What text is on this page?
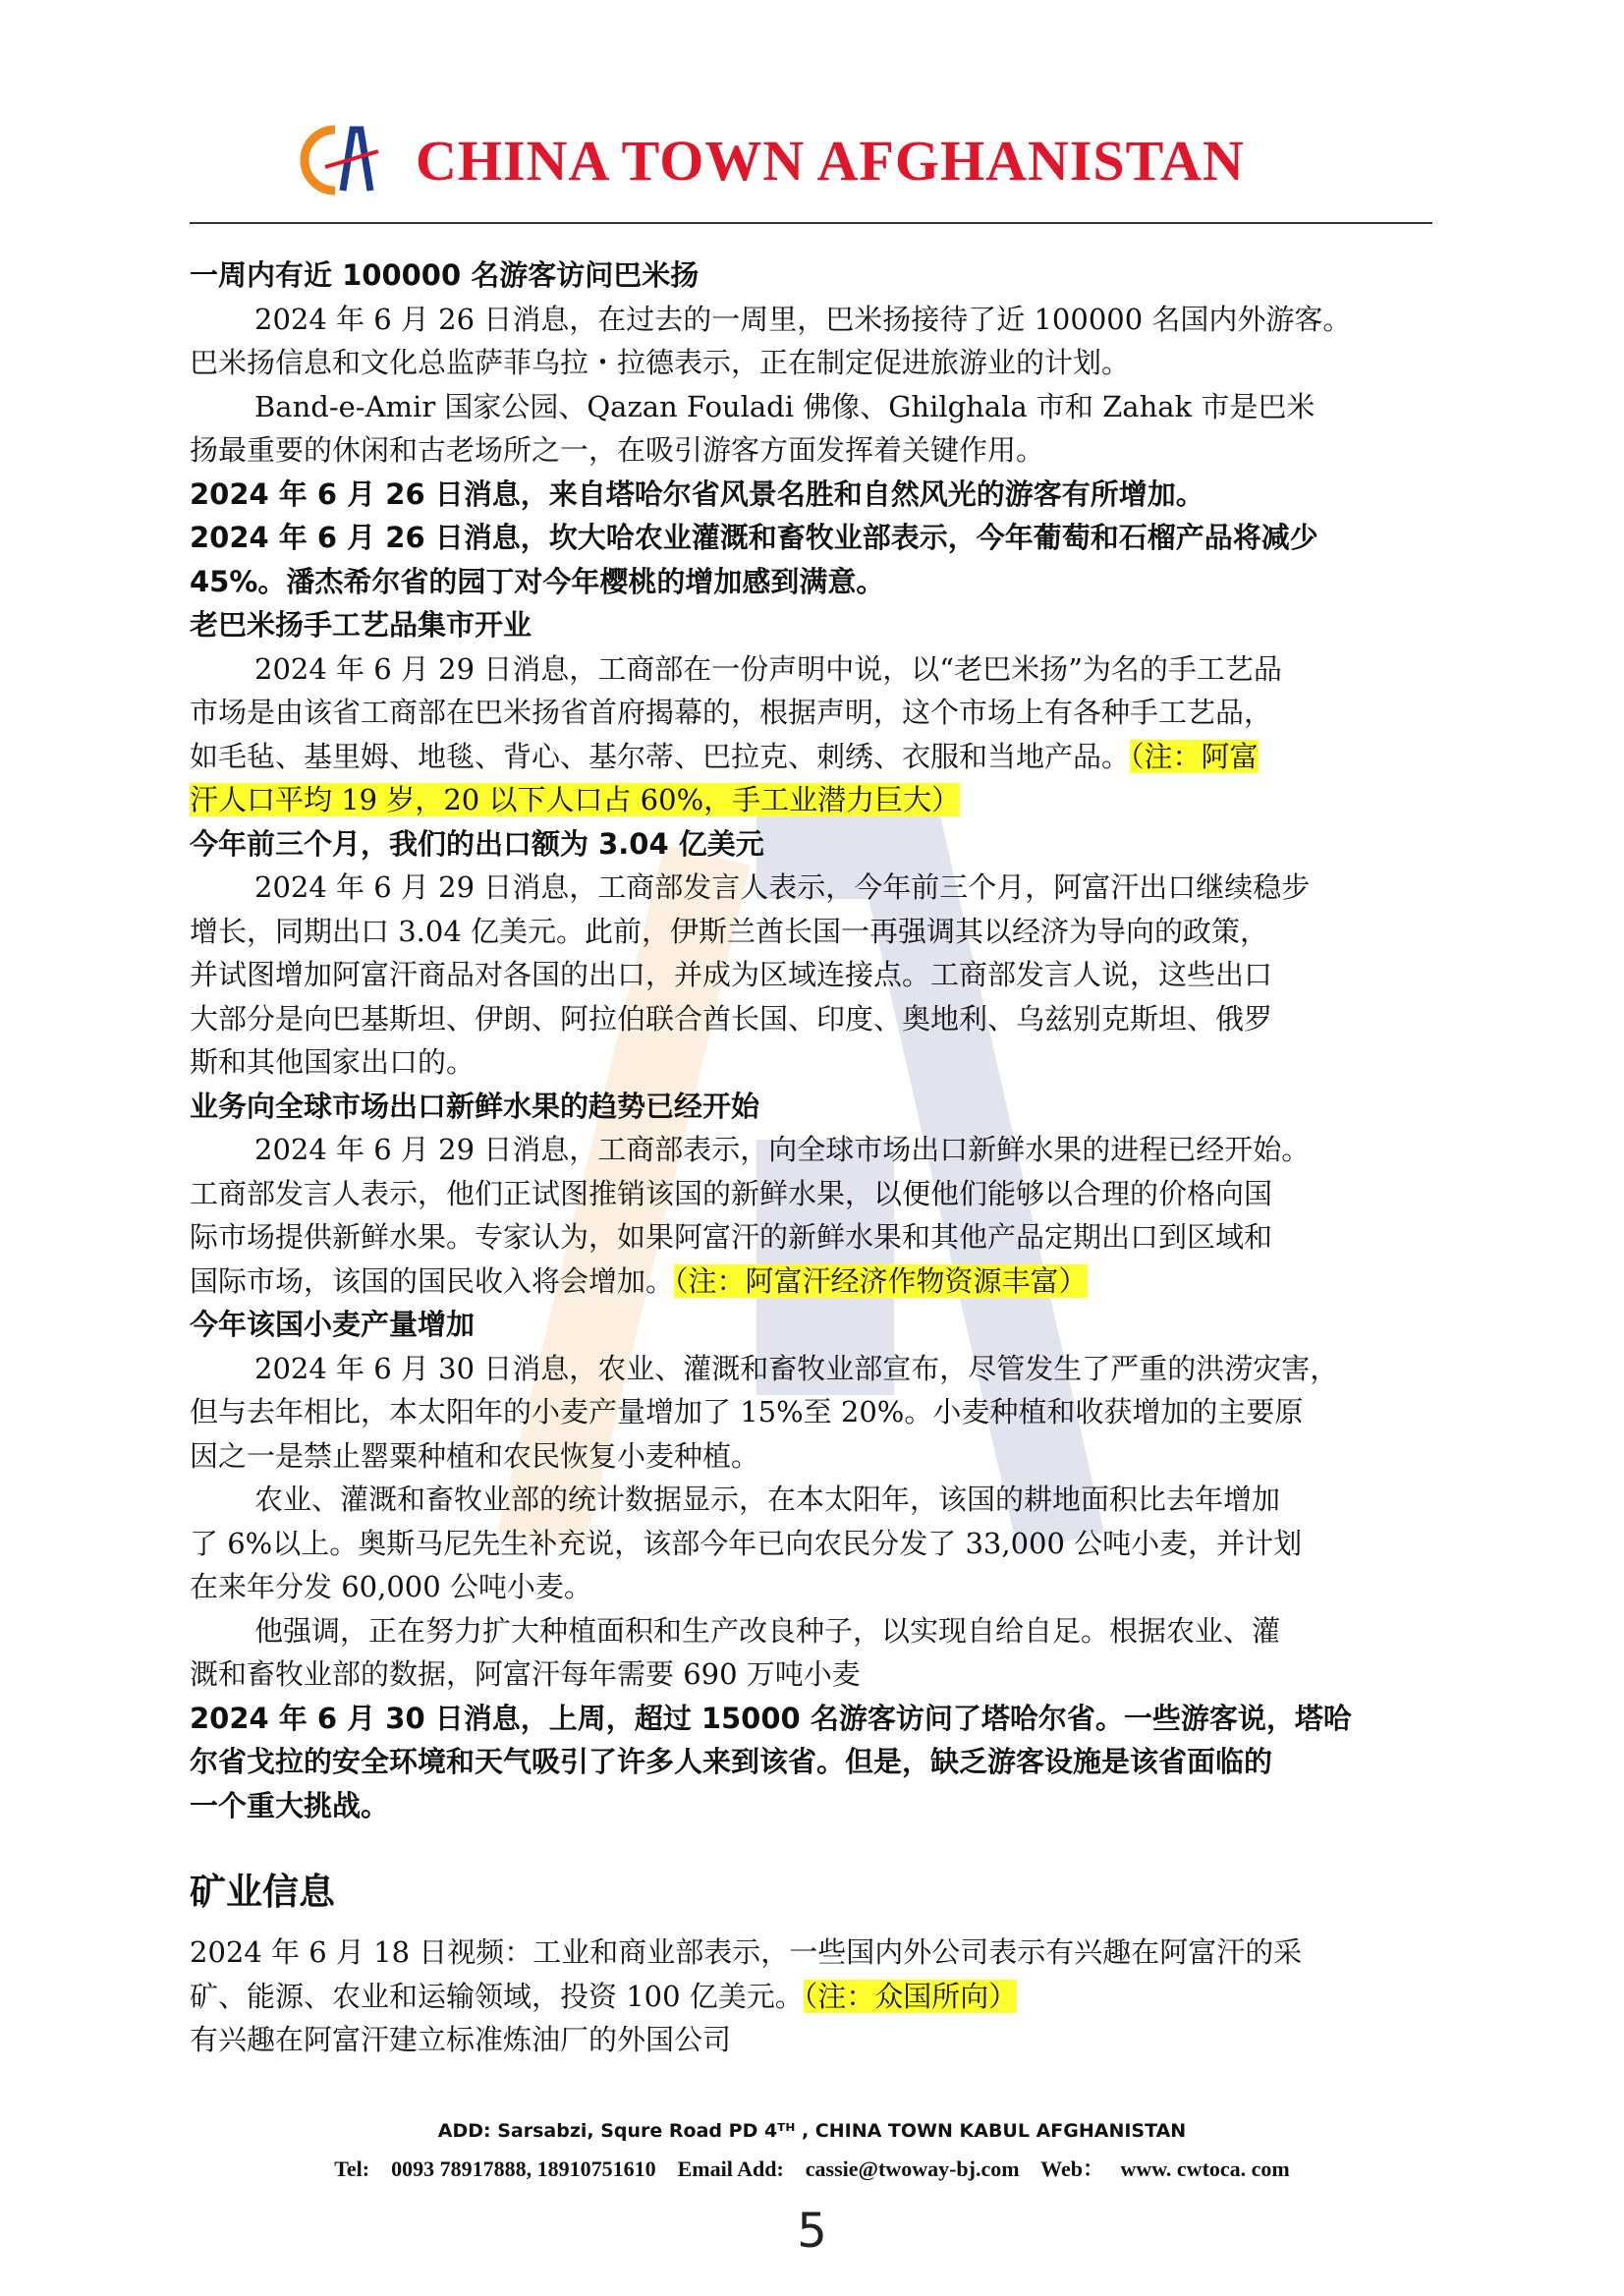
CHINA TOWN AFGHANISTAN
一周内有近 100000 名游客访问巴米扬
2024 年 6 月 26 日消息，在过去的一周里，巴米扬接待了近 100000 名国内外游客。
巴米扬信息和文化总监萨菲乌拉・拉德表示，正在制定促进旅游业的计划。
Band-e-Amir 国家公园、Qazan Fouladi 佛像、Ghilghala 市和 Zahak 市是巴米
扬最重要的休闲和古老场所之一，在吸引游客方面发挥着关键作用。
2024 年 6 月 26 日消息，来自塔哈尔省风景名胜和自然风光的游客有所增加。
2024 年 6 月 26 日消息，坎大哈农业灌溉和畜牧业部表示，今年葡萄和石榴产品将减少
45%。潘杰希尔省的园丁对今年樱桃的增加感到满意。
老巴米扬手工艺品集市开业
2024 年 6 月 29 日消息，工商部在一份声明中说，以“老巴米扬”为名的手工艺品
市场是由该省工商部在巴米扬省首府揭幕的，根据声明，这个市场上有各种手工艺品，
如毛毡、基里姆、地毯、背心、基尔蒂、巴拉克、刺绣、衣服和当地产品。（注：阿富
汗人口平均 19 岁，20 以下人口占 60%，手工业潜力巨大）
今年前三个月，我们的出口额为 3.04 亿美元
2024 年 6 月 29 日消息，工商部发言人表示，今年前三个月，阿富汗出口继续稳步
增长，同期出口 3.04 亿美元。此前，伊斯兰酋长国一再强调其以经济为导向的政策，
并试图增加阿富汗商品对各国的出口，并成为区域连接点。工商部发言人说，这些出口
大部分是向巴基斯坦、伊朗、阿拉伯联合酋长国、印度、奥地利、乌兹别克斯坦、俄罗
斯和其他国家出口的。
业务向全球市场出口新鲜水果的趋势已经开始
2024 年 6 月 29 日消息，工商部表示，向全球市场出口新鲜水果的进程已经开始。
工商部发言人表示，他们正试图推销该国的新鲜水果，以便他们能够以合理的价格向国
际市场提供新鲜水果。专家认为，如果阿富汗的新鲜水果和其他产品定期出口到区域和
国际市场，该国的国民收入将会增加。（注：阿富汗经济作物资源丰富）
今年该国小麦产量增加
2024 年 6 月 30 日消息，农业、灌溉和畜牧业部宣布，尽管发生了严重的洪涝灾害，
但与去年相比，本太阳年的小麦产量增加了 15%至 20%。小麦种植和收获增加的主要原
因之一是禁止罂粟种植和农民恢复小麦种植。
农业、灌溉和畜牧业部的统计数据显示，在本太阳年，该国的耕地面积比去年增加
了 6%以上。奥斯马尼先生补充说，该部今年已向农民分发了 33,000 公吨小麦，并计划
在来年分发 60,000 公吨小麦。
他强调，正在努力扩大种植面积和生产改良种子，以实现自给自足。根据农业、灌
溉和畜牧业部的数据，阿富汗每年需要 690 万吨小麦
2024 年 6 月 30 日消息，上周，超过 15000 名游客访问了塔哈尔省。一些游客说，塔哈
尔省戈拉的安全环境和天气吸引了许多人来到该省。但是，缺乏游客设施是该省面临的
一个重大挑战。
矿业信息
2024 年 6 月 18 日视频：工业和商业部表示，一些国内外公司表示有兴趣在阿富汗的采
矿、能源、农业和运输领域，投资 100 亿美元。（注：众国所向）
有兴趣在阿富汗建立标准炼油厂的外国公司
ADD: Sarsabzi, Squre Road PD 4ᵀᴴ , CHINA TOWN KABUL AFGHANISTAN
Tel:    0093 78917888, 18910751610    Email Add:    cassie@twoway-bj.com    Web：   www. cwtoca. com
5
